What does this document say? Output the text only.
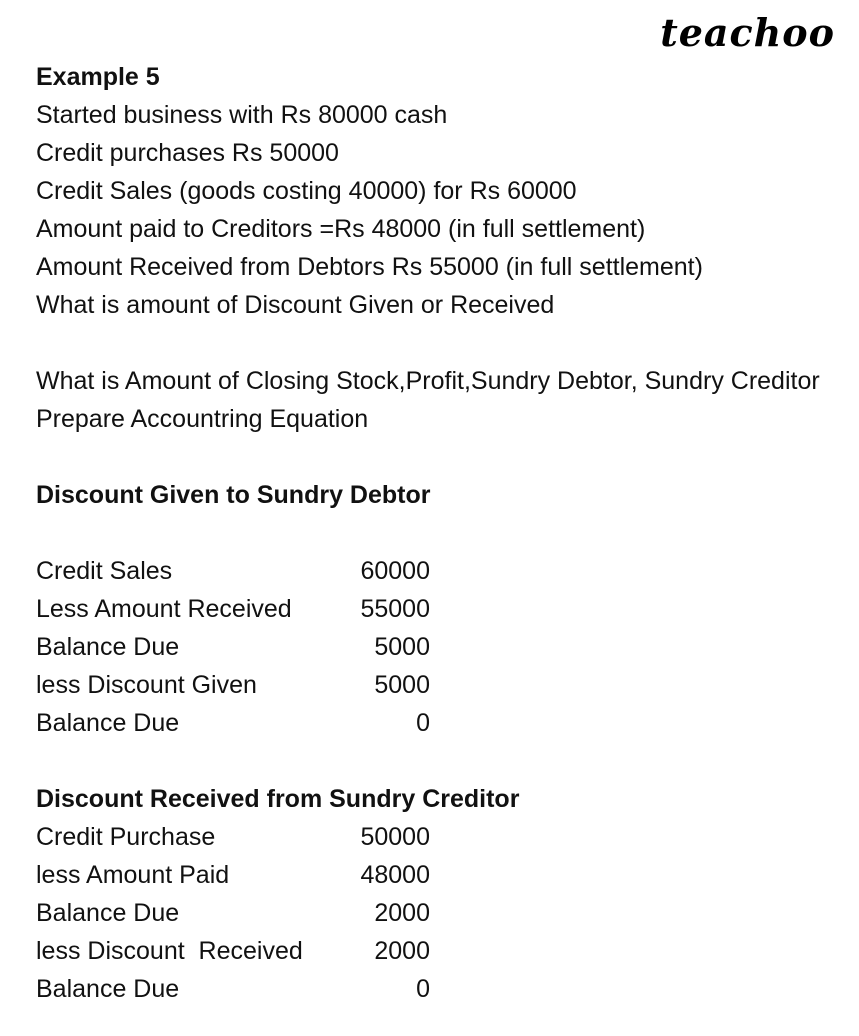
teachoo
Example 5
Started business with Rs 80000 cash
Credit purchases Rs 50000
Credit Sales (goods costing 40000) for Rs 60000
Amount paid to Creditors =Rs 48000 (in full settlement)
Amount Received from Debtors Rs 55000 (in full settlement)
What is amount of Discount Given or Received
What is Amount of Closing Stock,Profit,Sundry Debtor, Sundry Creditor
Prepare Accountring Equation
Discount Given to Sundry Debtor
Credit Sales	60000
Less Amount Received	55000
Balance Due	5000
less Discount Given	5000
Balance Due	0
Discount Received from Sundry Creditor
Credit Purchase	50000
less Amount Paid	48000
Balance Due	2000
less Discount  Received	2000
Balance Due	0
